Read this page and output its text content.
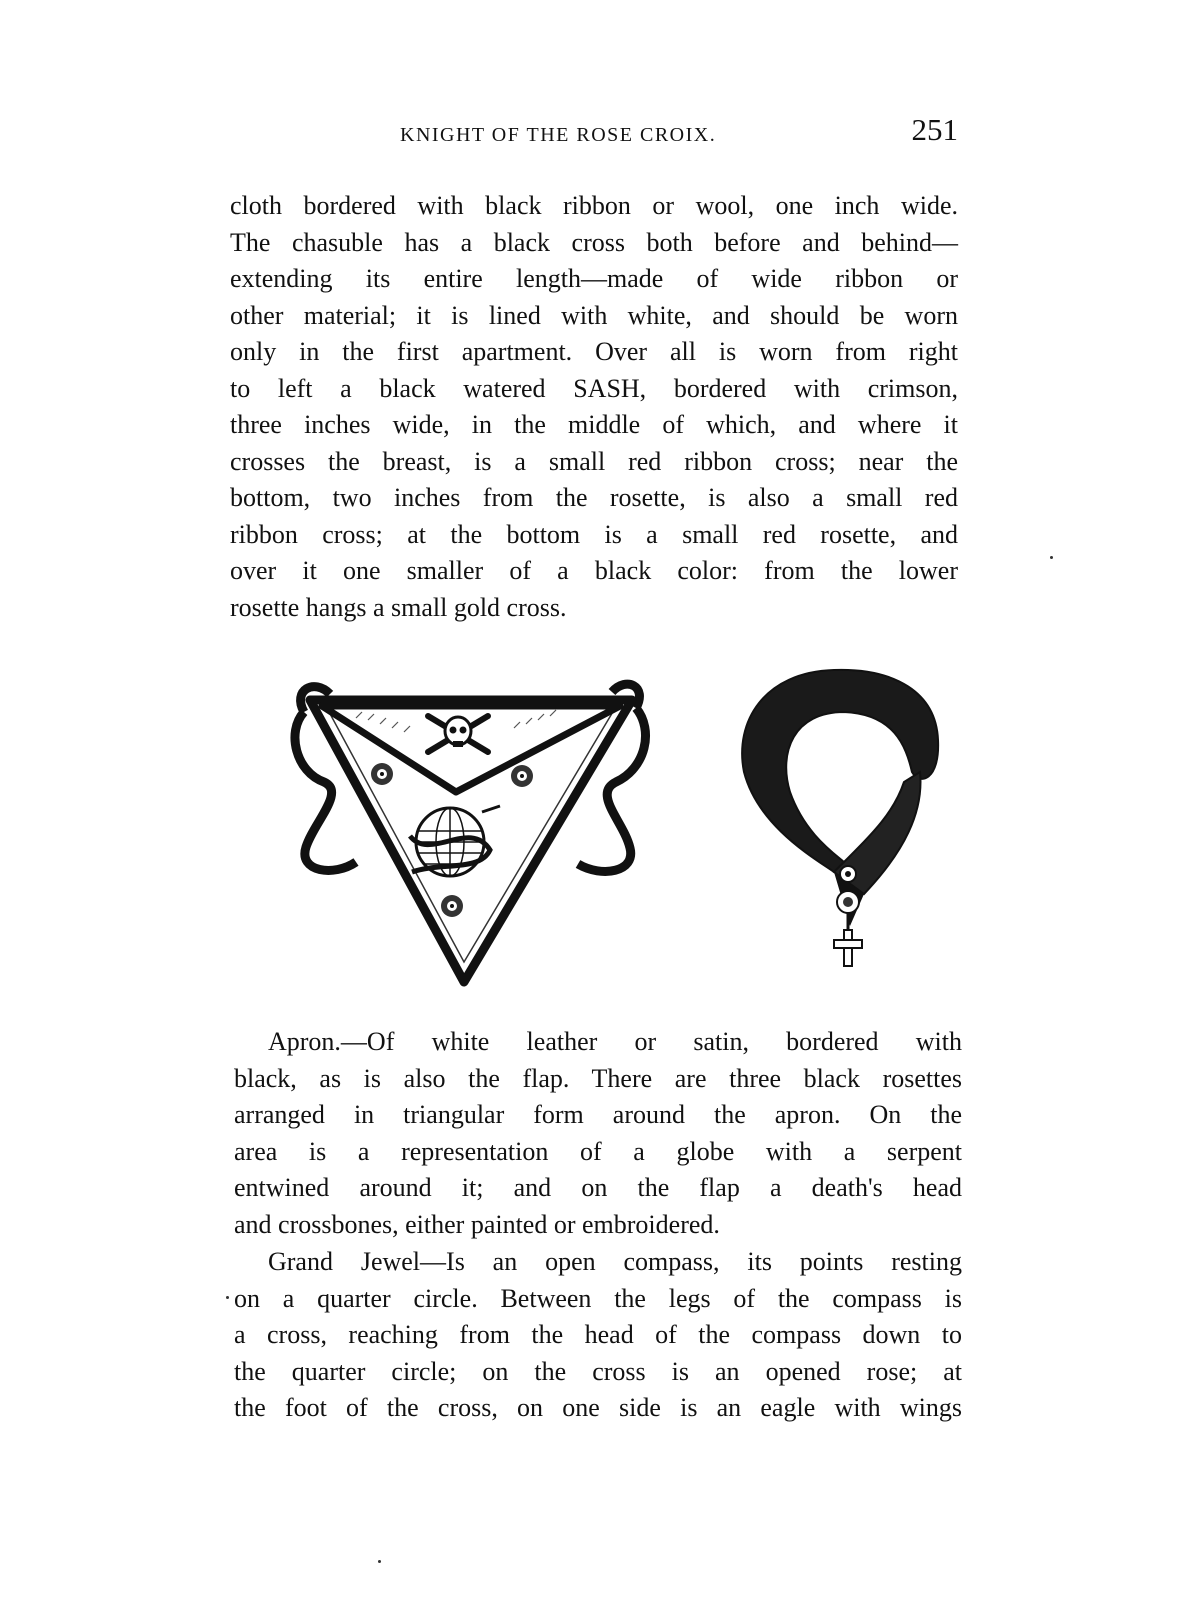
KNIGHT OF THE ROSE CROIX.	251
cloth bordered with black ribbon or wool, one inch wide.
The chasuble has a black cross both before and behind—
extending its entire length—made of wide ribbon or
other material; it is lined with white, and should be worn
only in the first apartment. Over all is worn from right
to left a black watered SASH, bordered with crimson,
three inches wide, in the middle of which, and where it
crosses the breast, is a small red ribbon cross; near the
bottom, two inches from the rosette, is also a small red
ribbon cross; at the bottom is a small red rosette, and
over it one smaller of a black color: from the lower
rosette hangs a small gold cross.
Apron.—Of white leather or satin, bordered with
black, as is also the flap. There are three black rosettes
arranged in triangular form around the apron. On the
area is a representation of a globe with a serpent
entwined around it; and on the flap a death's head
and crossbones, either painted or embroidered.
Grand Jewel—Is an open compass, its points resting
on a quarter circle. Between the legs of the compass is
a cross, reaching from the head of the compass down to
the quarter circle; on the cross is an opened rose; at
the foot of the cross, on one side is an eagle with wings
